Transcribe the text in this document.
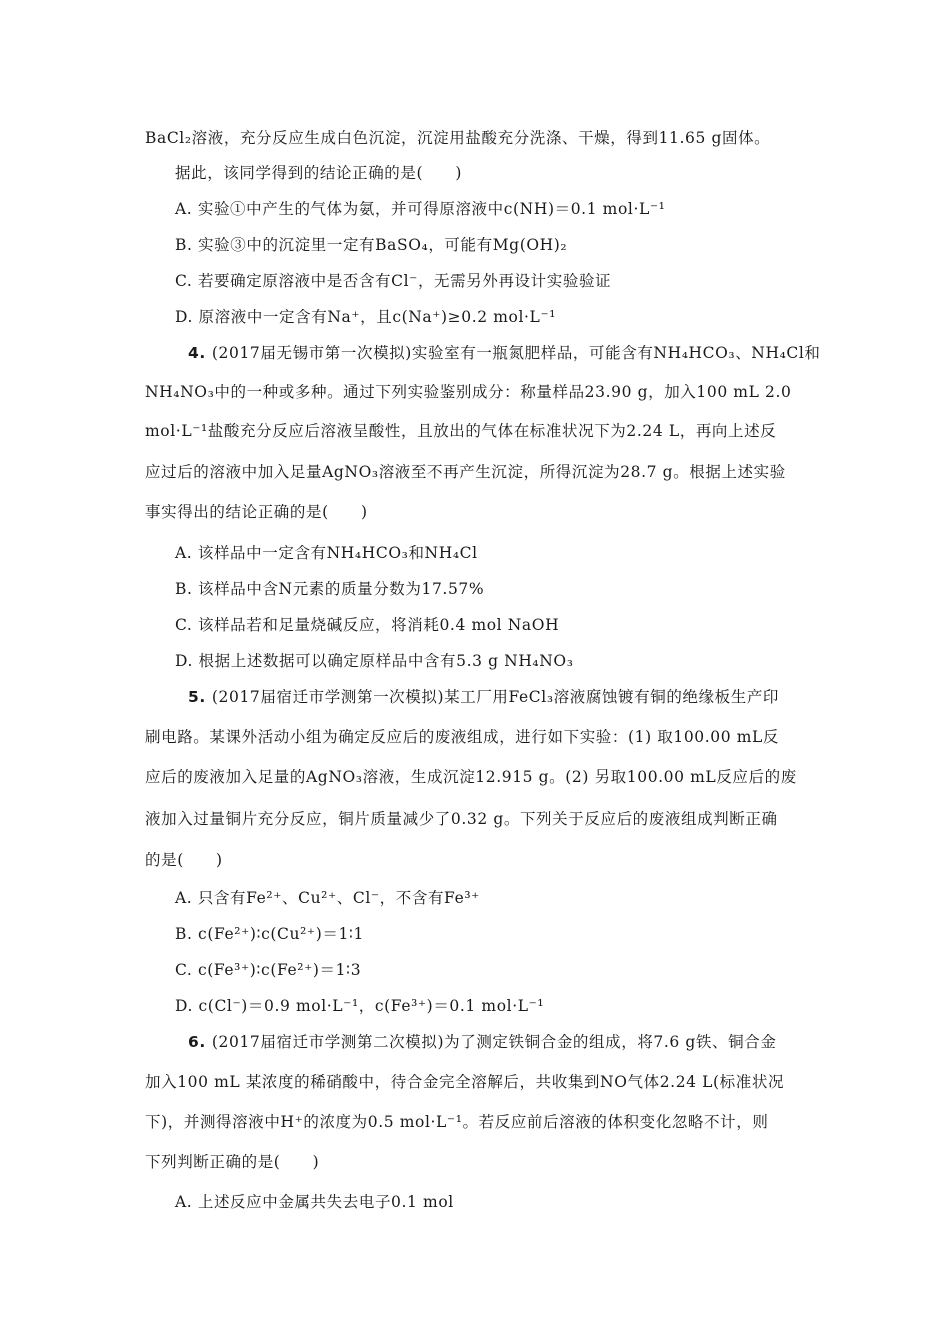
BaCl₂溶液，充分反应生成白色沉淀，沉淀用盐酸充分洗涤、干燥，得到11.65 g固体。
据此，该同学得到的结论正确的是(　　)
A. 实验①中产生的气体为氨，并可得原溶液中c(NH)＝0.1 mol·L⁻¹
B. 实验③中的沉淀里一定有BaSO₄，可能有Mg(OH)₂
C. 若要确定原溶液中是否含有Cl⁻，无需另外再设计实验验证
D. 原溶液中一定含有Na⁺，且c(Na⁺)≥0.2 mol·L⁻¹
4. (2017届无锡市第一次模拟)实验室有一瓶氮肥样品，可能含有NH₄HCO₃、NH₄Cl和
NH₄NO₃中的一种或多种。通过下列实验鉴别成分：称量样品23.90 g，加入100 mL 2.0
mol·L⁻¹盐酸充分反应后溶液呈酸性，且放出的气体在标准状况下为2.24 L，再向上述反
应过后的溶液中加入足量AgNO₃溶液至不再产生沉淀，所得沉淀为28.7 g。根据上述实验
事实得出的结论正确的是(　　)
A. 该样品中一定含有NH₄HCO₃和NH₄Cl
B. 该样品中含N元素的质量分数为17.57%
C. 该样品若和足量烧碱反应，将消耗0.4 mol NaOH
D. 根据上述数据可以确定原样品中含有5.3 g NH₄NO₃
5. (2017届宿迁市学测第一次模拟)某工厂用FeCl₃溶液腐蚀镀有铜的绝缘板生产印
刷电路。某课外活动小组为确定反应后的废液组成，进行如下实验：(1) 取100.00 mL反
应后的废液加入足量的AgNO₃溶液，生成沉淀12.915 g。(2) 另取100.00 mL反应后的废
液加入过量铜片充分反应，铜片质量减少了0.32 g。下列关于反应后的废液组成判断正确
的是(　　)
A. 只含有Fe²⁺、Cu²⁺、Cl⁻，不含有Fe³⁺
B. c(Fe²⁺)∶c(Cu²⁺)＝1∶1
C. c(Fe³⁺)∶c(Fe²⁺)＝1∶3
D. c(Cl⁻)＝0.9 mol·L⁻¹，c(Fe³⁺)＝0.1 mol·L⁻¹
6. (2017届宿迁市学测第二次模拟)为了测定铁铜合金的组成，将7.6 g铁、铜合金
加入100 mL 某浓度的稀硝酸中，待合金完全溶解后，共收集到NO气体2.24 L(标准状况
下)，并测得溶液中H⁺的浓度为0.5 mol·L⁻¹。若反应前后溶液的体积变化忽略不计，则
下列判断正确的是(　　)
A. 上述反应中金属共失去电子0.1 mol
